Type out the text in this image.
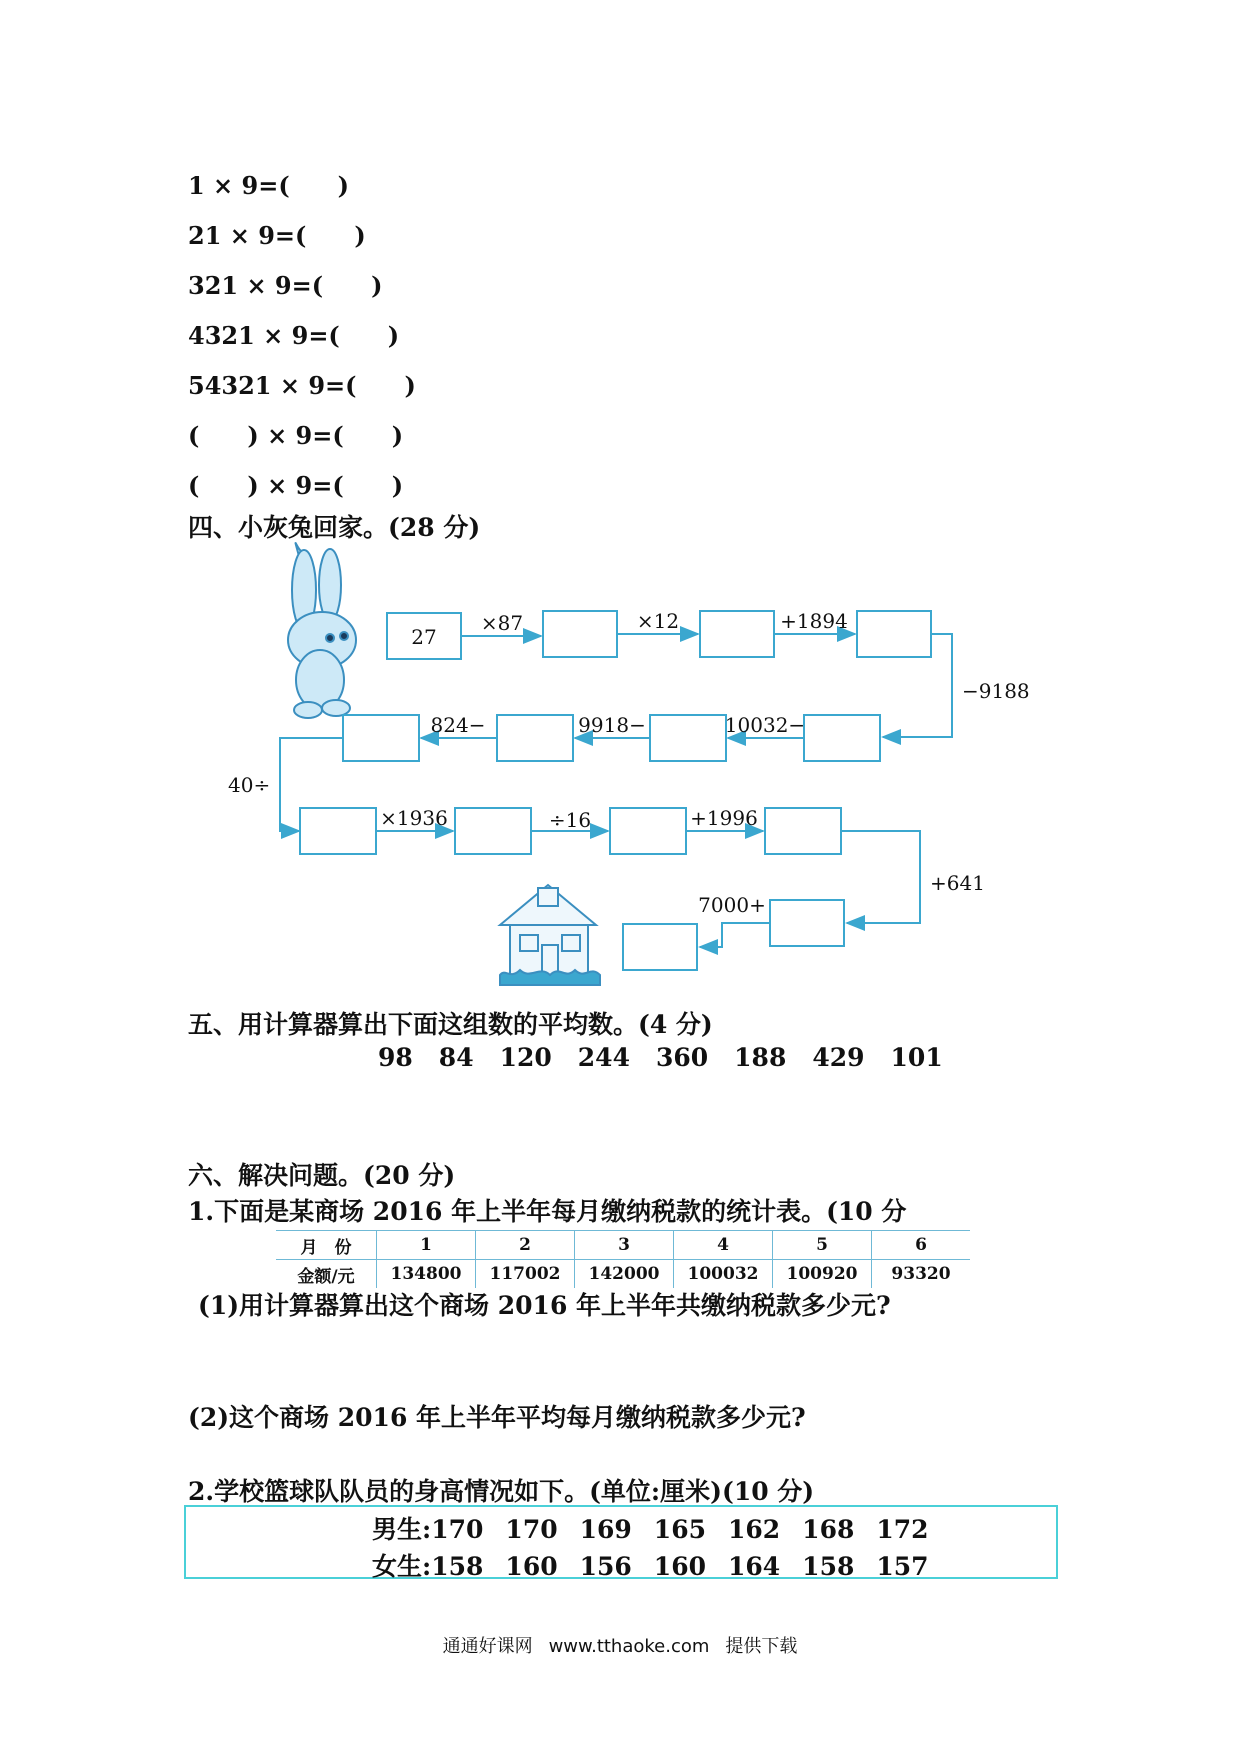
1 × 9=(　　)
21 × 9=(　　)
321 × 9=(　　)
4321 × 9=(　　)
54321 × 9=(　　)
(　　) × 9=(　　)
(　　) × 9=(　　)
四、小灰兔回家。(28 分)
27
×87	×12	+1894
−9188
10032−
9918−
824−
40÷
×1936	÷16	+1996
+641
7000+
五、用计算器算出下面这组数的平均数。(4 分)
98 84 120 244 360 188 429 101
六、解决问题。(20 分)
1.下面是某商场 2016 年上半年每月缴纳税款的统计表。(10 分
月　份	1	2	3	4	5	6
金额/元	134800	117002	142000	100032	100920	93320
(1)用计算器算出这个商场 2016 年上半年共缴纳税款多少元?
(2)这个商场 2016 年上半年平均每月缴纳税款多少元?
2.学校篮球队队员的身高情况如下。(单位:厘米)(10 分)
男生:170 170 169 165 162 168 172
女生:158 160 156 160 164 158 157
通通好课网 www.tthaoke.com 提供下载
